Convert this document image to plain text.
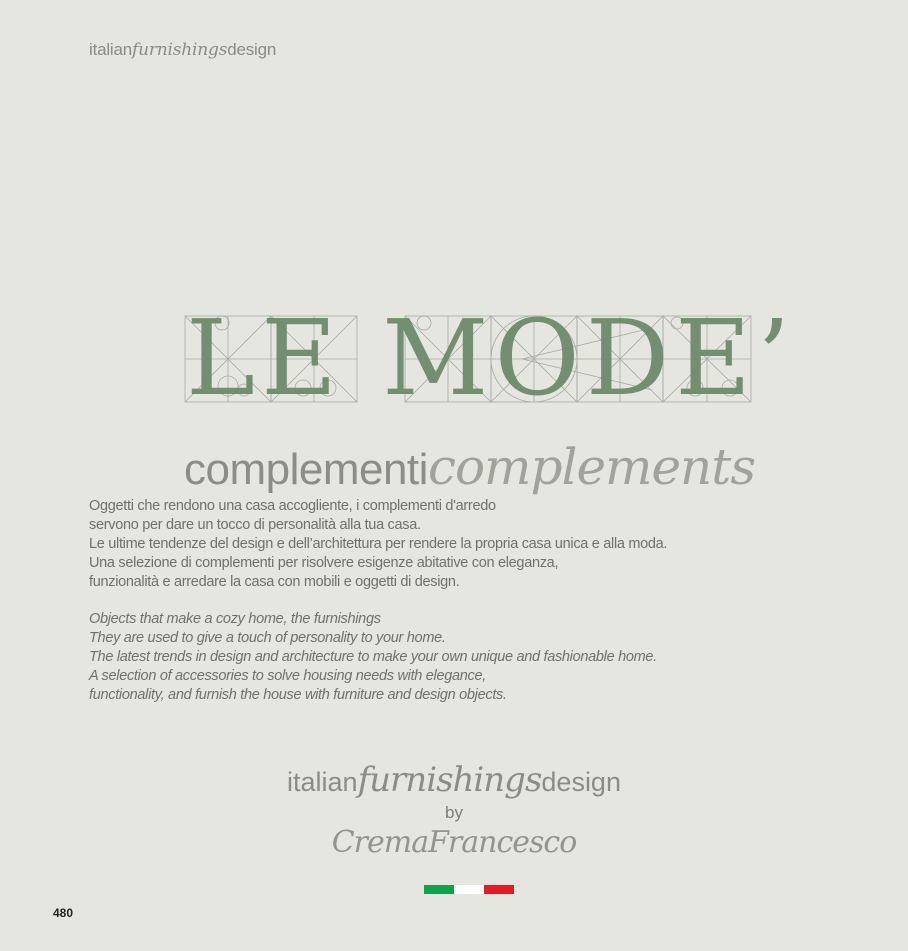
italianfurnishingsdesign
LE MODE’
complementicomplements
Oggetti che rendono una casa accogliente, i complementi d'arredo
servono per dare un tocco di personalità alla tua casa.
Le ultime tendenze del design e dell’architettura per rendere la propria casa unica e alla moda.
Una selezione di complementi per risolvere esigenze abitative con eleganza,
funzionalità e arredare la casa con mobili e oggetti di design.
Objects that make a cozy home, the furnishings
They are used to give a touch of personality to your home.
The latest trends in design and architecture to make your own unique and fashionable home.
A selection of accessories to solve housing needs with elegance,
functionality, and furnish the house with furniture and design objects.
italianfurnishingsdesign
by
CremaFrancesco
480
